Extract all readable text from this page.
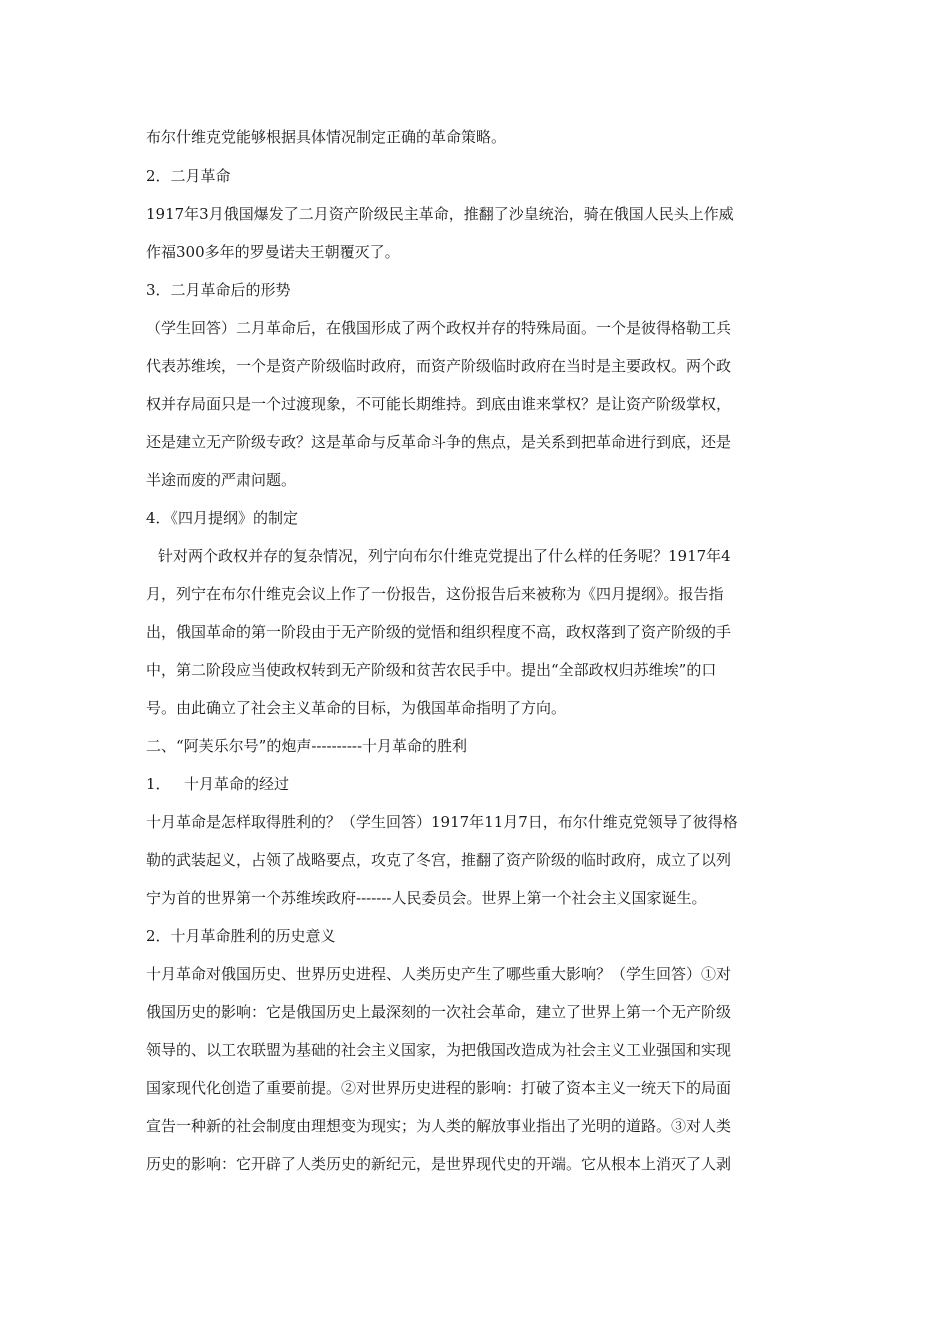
布尔什维克党能够根据具体情况制定正确的革命策略。
2．二月革命
1917年3月俄国爆发了二月资产阶级民主革命，推翻了沙皇统治，骑在俄国人民头上作威
作福300多年的罗曼诺夫王朝覆灭了。
3．二月革命后的形势
（学生回答）二月革命后，在俄国形成了两个政权并存的特殊局面。一个是彼得格勒工兵
代表苏维埃，一个是资产阶级临时政府，而资产阶级临时政府在当时是主要政权。两个政
权并存局面只是一个过渡现象，不可能长期维持。到底由谁来掌权？是让资产阶级掌权，
还是建立无产阶级专政？这是革命与反革命斗争的焦点，是关系到把革命进行到底，还是
半途而废的严肃问题。
4．《四月提纲》的制定
针对两个政权并存的复杂情况，列宁向布尔什维克党提出了什么样的任务呢？1917年4
月，列宁在布尔什维克会议上作了一份报告，这份报告后来被称为《四月提纲》。报告指
出，俄国革命的第一阶段由于无产阶级的觉悟和组织程度不高，政权落到了资产阶级的手
中，第二阶段应当使政权转到无产阶级和贫苦农民手中。提出“全部政权归苏维埃”的口
号。由此确立了社会主义革命的目标，为俄国革命指明了方向。
二、“阿芙乐尔号”的炮声----------十月革命的胜利
1． 十月革命的经过
十月革命是怎样取得胜利的？（学生回答）1917年11月7日，布尔什维克党领导了彼得格
勒的武装起义，占领了战略要点，攻克了冬宫，推翻了资产阶级的临时政府，成立了以列
宁为首的世界第一个苏维埃政府-------人民委员会。世界上第一个社会主义国家诞生。
2．十月革命胜利的历史意义
十月革命对俄国历史、世界历史进程、人类历史产生了哪些重大影响？（学生回答）①对
俄国历史的影响：它是俄国历史上最深刻的一次社会革命，建立了世界上第一个无产阶级
领导的、以工农联盟为基础的社会主义国家，为把俄国改造成为社会主义工业强国和实现
国家现代化创造了重要前提。②对世界历史进程的影响：打破了资本主义一统天下的局面
宣告一种新的社会制度由理想变为现实；为人类的解放事业指出了光明的道路。③对人类
历史的影响：它开辟了人类历史的新纪元，是世界现代史的开端。它从根本上消灭了人剥
